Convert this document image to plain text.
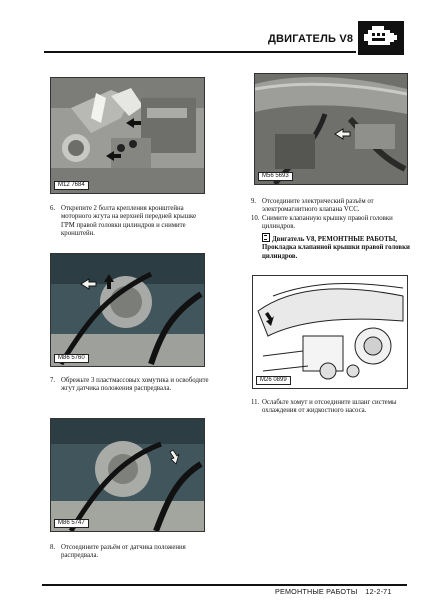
ДВИГАТЕЛЬ V8
M12 7684
M56 5693
6. Открепите 2 болта крепления кронштейна моторного жгута на верхней передней крышке ГРМ правой головки цилиндров и снимите кронштейн.
9. Отсоедините электрический разъём от электромагнитного клапана VCC.
10. Снимите клапанную крышку правой головки цилиндров.
Двигатель V8, РЕМОНТНЫЕ РАБОТЫ, Прокладка клапанной крышки правой головки цилиндров.
M86 5760
M26 0899
7. Обрежьте 3 пластмассовых хомутика и освободите жгут датчика положения распредвала.
11. Ослабьте хомут и отсоедините шланг системы охлаждения от жидкостного насоса.
M86 5747
8. Отсоедините разъём от датчика положения распредвала.
РЕМОНТНЫЕ РАБОТЫ 12-2-71
